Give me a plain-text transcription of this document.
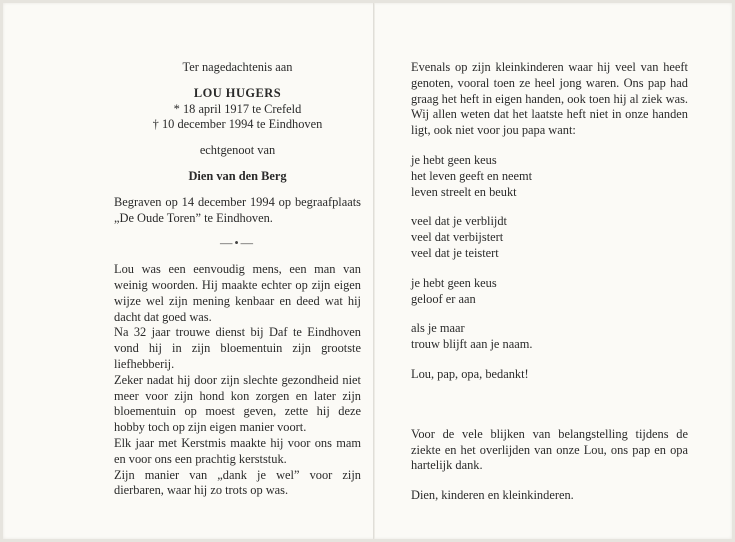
Ter nagedachtenis aan
LOU HUGERS
* 18 april 1917 te Crefeld
† 10 december 1994 te Eindhoven
echtgenoot van
Dien van den Berg
Begraven op 14 december 1994 op begraafplaats „De Oude Toren” te Eindhoven.
—•—

Lou was een eenvoudig mens, een man van weinig woorden. Hij maakte echter op zijn eigen wijze wel zijn mening kenbaar en deed wat hij dacht dat goed was.

Na 32 jaar trouwe dienst bij Daf te Eindhoven vond hij in zijn bloementuin zijn grootste liefhebberij.

Zeker nadat hij door zijn slechte gezondheid niet meer voor zijn hond kon zorgen en later zijn bloementuin op moest geven, zette hij deze hobby toch op zijn eigen manier voort.

Elk jaar met Kerstmis maakte hij voor ons mam en voor ons een prachtig kerststuk.

Zijn manier van „dank je wel” voor zijn dierbaren, waar hij zo trots op was.

Evenals op zijn kleinkinderen waar hij veel van heeft genoten, vooral toen ze heel jong waren. Ons pap had graag het heft in eigen handen, ook toen hij al ziek was. Wij allen weten dat het laatste heft niet in onze handen ligt, ook niet voor jou papa want:

je hebt geen keus

het leven geeft en neemt

leven streelt en beukt

veel dat je verblijdt

veel dat verbijstert

veel dat je teistert

je hebt geen keus

geloof er aan

als je maar

trouw blijft aan je naam.

Lou, pap, opa, bedankt!
Voor de vele blijken van belangstelling tijdens de ziekte en het overlijden van onze Lou, ons pap en opa hartelijk dank.
Dien, kinderen en kleinkinderen.
